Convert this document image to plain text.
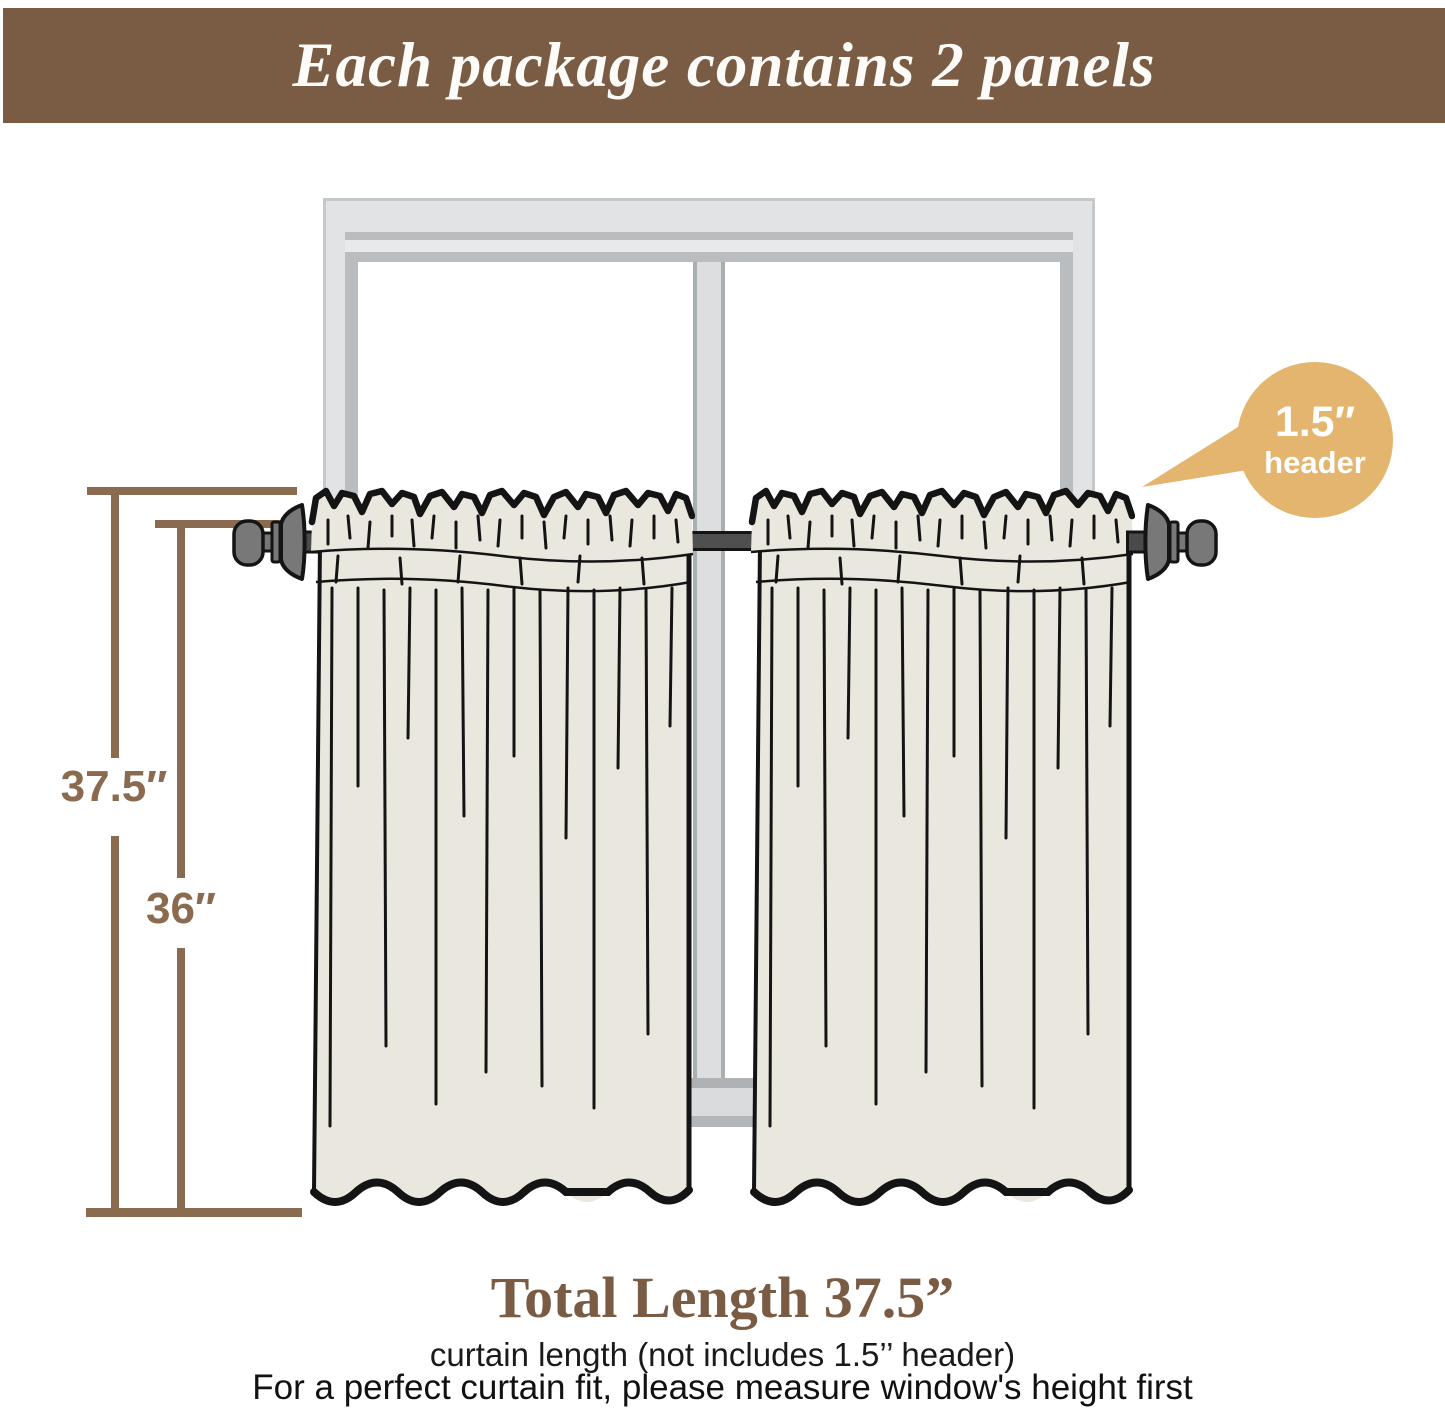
Each package contains 2 panels
37.5″
36″
1.5″
header
Total Length 37.5”
curtain length (not includes 1.5’’ header)
For a perfect curtain fit, please measure window's height first
